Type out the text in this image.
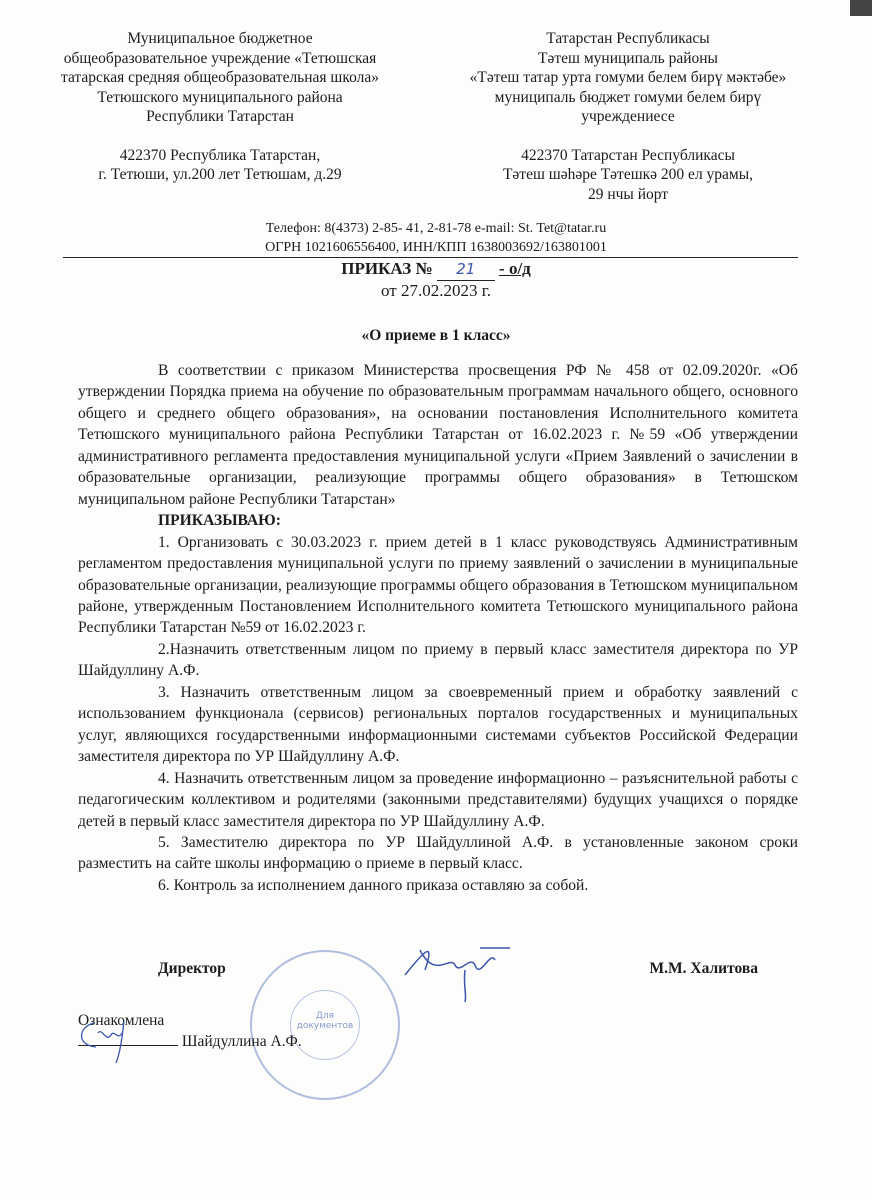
Муниципальное бюджетное
общеобразовательное учреждение «Тетюшская
татарская средняя общеобразовательная школа»
Тетюшского муниципального района
Республики Татарстан
422370 Республика Татарстан,
г. Тетюши, ул.200 лет Тетюшам, д.29
Татарстан Республикасы
Тәтеш муниципаль районы
«Тәтеш татар урта гомуми белем бирү мәктәбе»
муниципаль бюджет гомуми белем бирү
учреждениесе
422370 Татарстан Республикасы
Тәтеш шәһәре Тәтешкә 200 ел урамы,
29 нчы йорт
Телефон: 8(4373) 2-85- 41, 2-81-78 e-mail: St. Tet@tatar.ru
ОГРН 1021606556400, ИНН/КПП 1638003692/163801001
ПРИКАЗ № 21 - о/д
от 27.02.2023 г.
«О приеме в 1 класс»

В соответствии с приказом Министерства просвещения РФ № 458 от 02.09.2020г. «Об утверждении Порядка приема на обучение по образовательным программам начального общего, основного общего и среднего общего образования», на основании постановления Исполнительного комитета Тетюшского муниципального района Республики Татарстан от 16.02.2023 г. №59 «Об утверждении административного регламента предоставления муниципальной услуги «Прием Заявлений о зачислении в образовательные организации, реализующие программы общего образования» в Тетюшском муниципальном районе Республики Татарстан»

ПРИКАЗЫВАЮ:

1. Организовать с 30.03.2023 г. прием детей в 1 класс руководствуясь Административным регламентом предоставления муниципальной услуги по приему заявлений о зачислении в муниципальные образовательные организации, реализующие программы общего образования в Тетюшском муниципальном районе, утвержденным Постановлением Исполнительного комитета Тетюшского муниципального района Республики Татарстан №59 от 16.02.2023 г.

2.Назначить ответственным лицом по приему в первый класс заместителя директора по УР Шайдуллину А.Ф.

3. Назначить ответственным лицом за своевременный прием и обработку заявлений с использованием функционала (сервисов) региональных порталов государственных и муниципальных услуг, являющихся государственными информационными системами субъектов Российской Федерации заместителя директора по УР Шайдуллину А.Ф.

4. Назначить ответственным лицом за проведение информационно – разъяснительной работы с педагогическим коллективом и родителями (законными представителями) будущих учащихся о порядке детей в первый класс заместителя директора по УР Шайдуллину А.Ф.

5. Заместителю директора по УР Шайдуллиной А.Ф. в установленные законом сроки разместить на сайте школы информацию о приеме в первый класс.

6. Контроль за исполнением данного приказа оставляю за собой.

Для документов
Директор	М.М. Халитова
Ознакомлена
Шайдуллина А.Ф.
